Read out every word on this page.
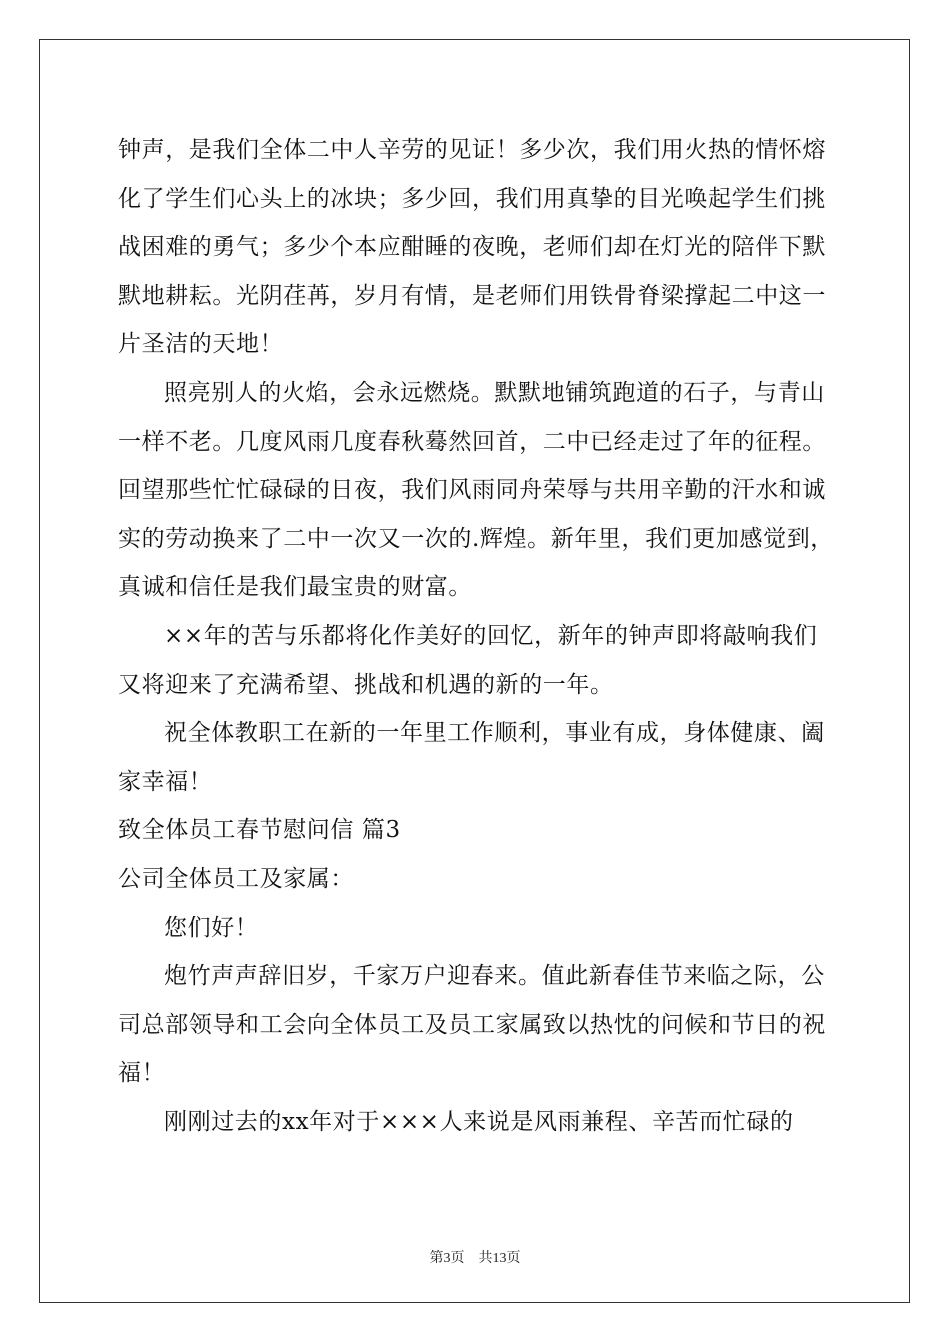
钟声，是我们全体二中人辛劳的见证！多少次，我们用火热的情怀熔
化了学生们心头上的冰块；多少回，我们用真挚的目光唤起学生们挑
战困难的勇气；多少个本应酣睡的夜晚，老师们却在灯光的陪伴下默
默地耕耘。光阴荏苒，岁月有情，是老师们用铁骨脊梁撑起二中这一
片圣洁的天地！
照亮别人的火焰，会永远燃烧。默默地铺筑跑道的石子，与青山
一样不老。几度风雨几度春秋蓦然回首，二中已经走过了年的征程。
回望那些忙忙碌碌的日夜，我们风雨同舟荣辱与共用辛勤的汗水和诚
实的劳动换来了二中一次又一次的.辉煌。新年里，我们更加感觉到，
真诚和信任是我们最宝贵的财富。
××年的苦与乐都将化作美好的回忆，新年的钟声即将敲响我们
又将迎来了充满希望、挑战和机遇的新的一年。
祝全体教职工在新的一年里工作顺利，事业有成，身体健康、阖
家幸福！
致全体员工春节慰问信 篇3
公司全体员工及家属：
您们好！
炮竹声声辞旧岁，千家万户迎春来。值此新春佳节来临之际，公
司总部领导和工会向全体员工及员工家属致以热忱的问候和节日的祝
福！
刚刚过去的xx年对于×××人来说是风雨兼程、辛苦而忙碌的
第3页 共13页
